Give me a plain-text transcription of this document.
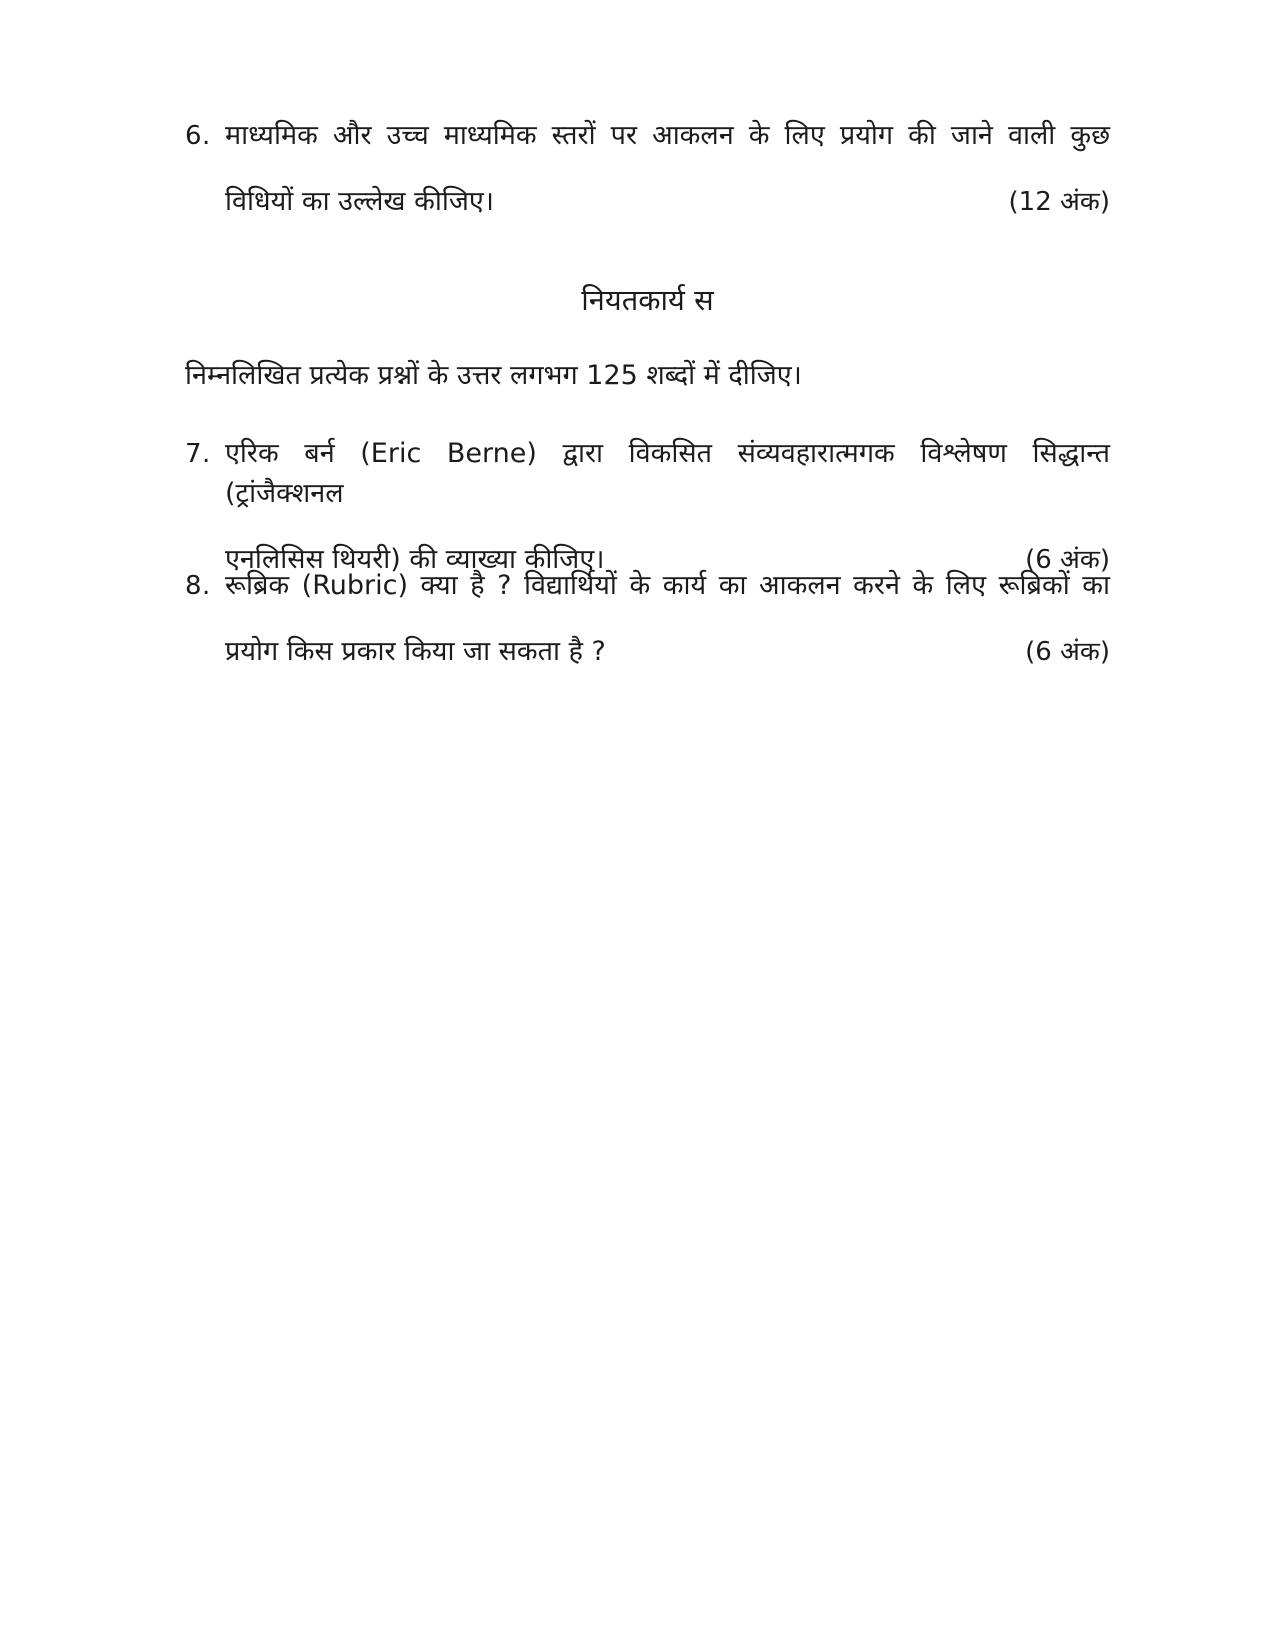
6. माध्यमिक और उच्च माध्यमिक स्तरों पर आकलन के लिए प्रयोग की जाने वाली कुछ
विधियों का उल्लेख कीजिए।	(12 अंक)
नियतकार्य स

निम्नलिखित प्रत्येक प्रश्नों के उत्तर लगभग 125 शब्दों में दीजिए।

7. एरिक बर्न (Eric Berne) द्वारा विकसित संव्यवहारात्मगक विश्लेषण सिद्धान्त (ट्रांजैक्शनल
एनलिसिस थियरी) की व्याख्या कीजिए।	(6 अंक)
8. रूब्रिक (Rubric) क्या है ? विद्यार्थियों के कार्य का आकलन करने के लिए रूब्रिकों का
प्रयोग किस प्रकार किया जा सकता है ?	(6 अंक)
